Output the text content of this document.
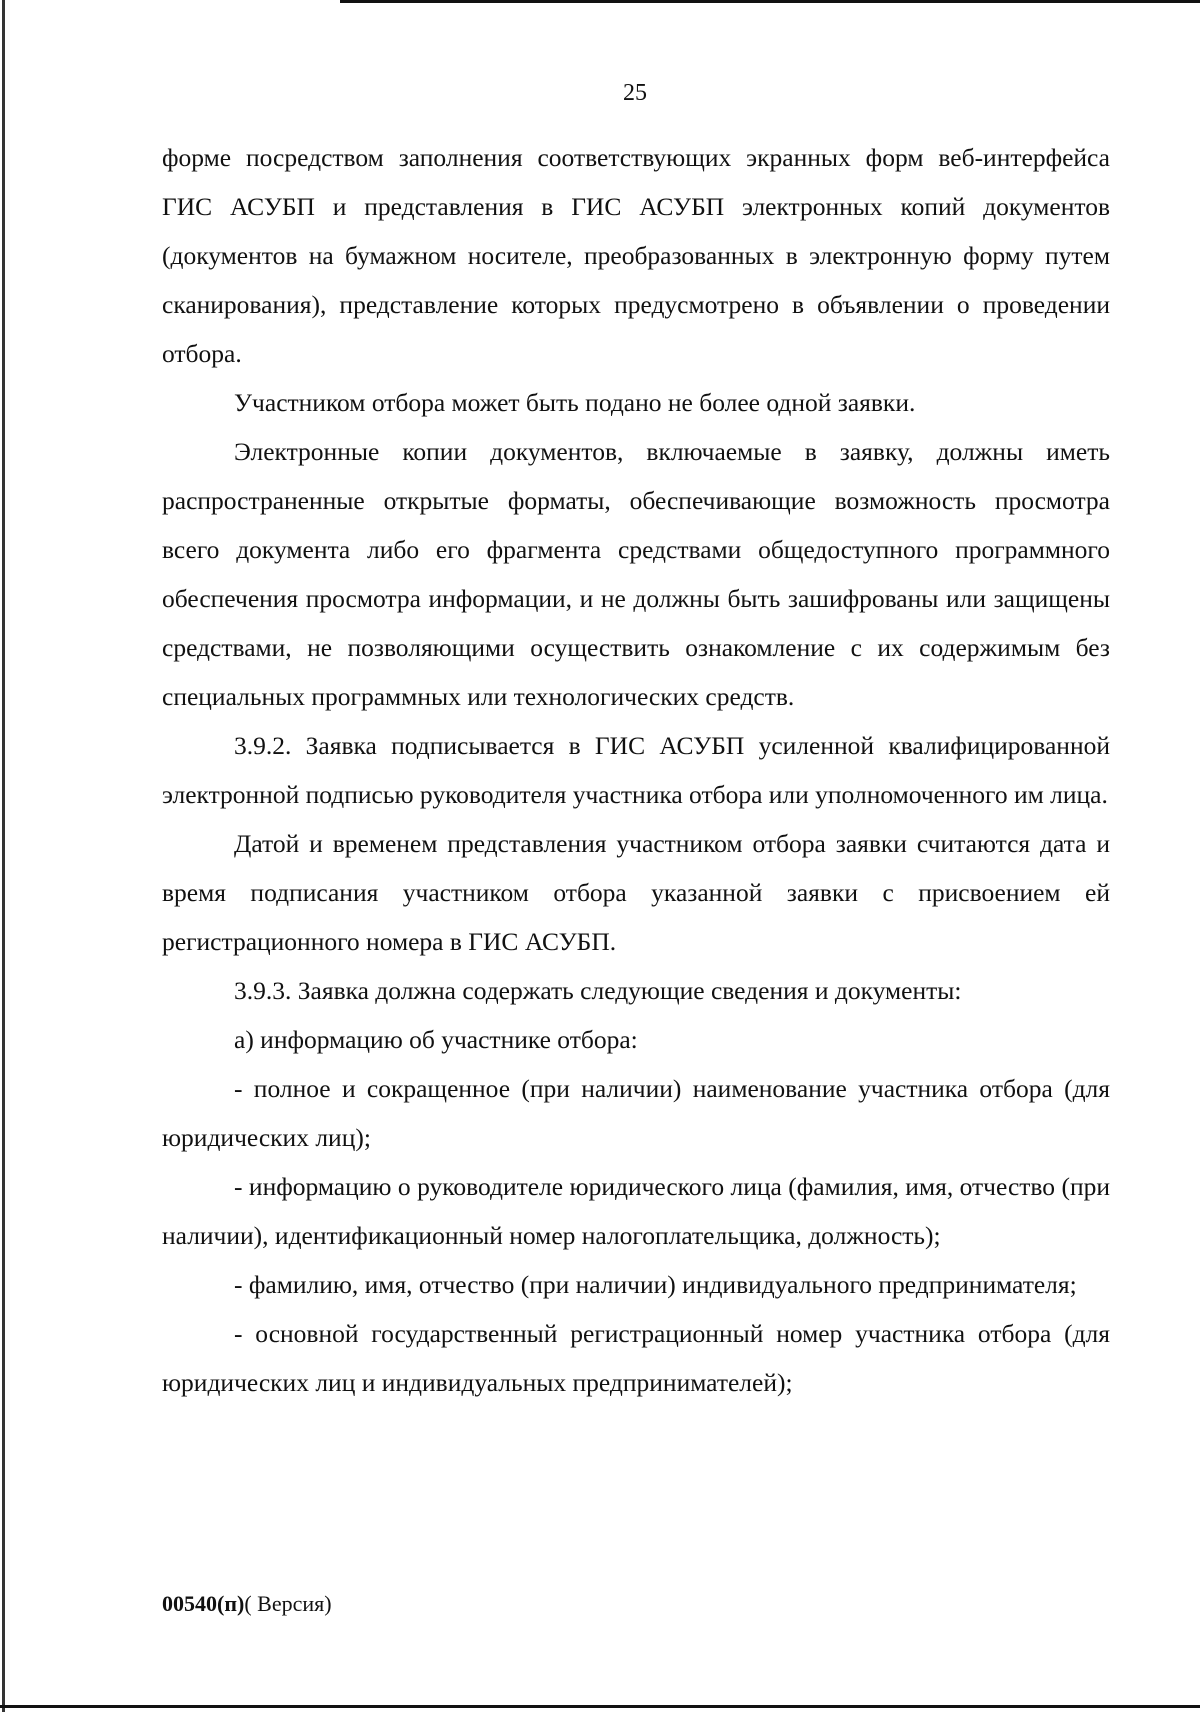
25

форме посредством заполнения соответствующих экранных форм веб-интерфейса ГИС АСУБП и представления в ГИС АСУБП электронных копий документов (документов на бумажном носителе, преобразованных в электронную форму путем сканирования), представление которых предусмотрено в объявлении о проведении отбора.

Участником отбора может быть подано не более одной заявки.

Электронные копии документов, включаемые в заявку, должны иметь распространенные открытые форматы, обеспечивающие возможность просмотра всего документа либо его фрагмента средствами общедоступного программного обеспечения просмотра информации, и не должны быть зашифрованы или защищены средствами, не позволяющими осуществить ознакомление с их содержимым без специальных программных или технологических средств.

3.9.2. Заявка подписывается в ГИС АСУБП усиленной квалифицированной электронной подписью руководителя участника отбора или уполномоченного им лица.

Датой и временем представления участником отбора заявки считаются дата и время подписания участником отбора указанной заявки с присвоением ей регистрационного номера в ГИС АСУБП.

3.9.3. Заявка должна содержать следующие сведения и документы:

а) информацию об участнике отбора:

- полное и сокращенное (при наличии) наименование участника отбора (для юридических лиц);

- информацию о руководителе юридического лица (фамилия, имя, отчество (при наличии), идентификационный номер налогоплательщика, должность);

- фамилию, имя, отчество (при наличии) индивидуального предпринимателя;

- основной государственный регистрационный номер участника отбора (для юридических лиц и индивидуальных предпринимателей);

00540(п)( Версия)
